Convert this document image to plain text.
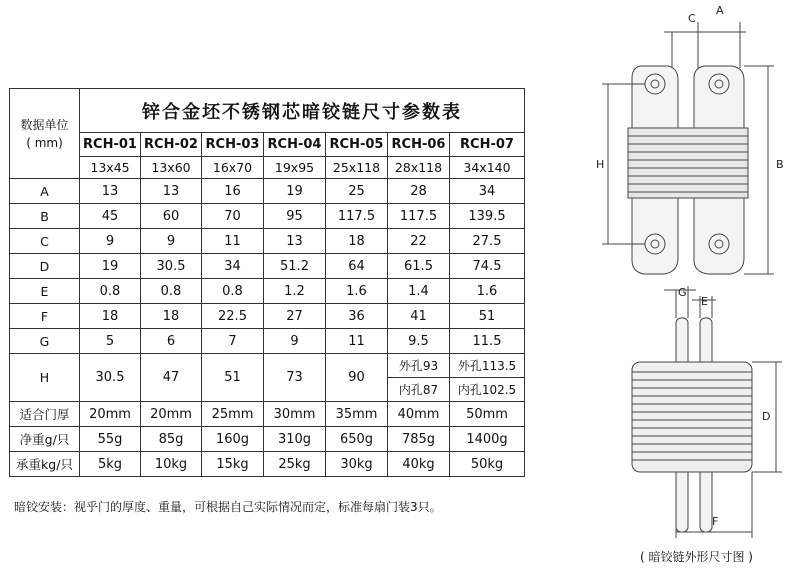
数据单位
( mm)	锌合金坯不锈钢芯暗铰链尺寸参数表						
	RCH-01	RCH-02	RCH-03	RCH-04	RCH-05	RCH-06	RCH-07
	13x45	13x60	16x70	19x95	25x118	28x118	34x140
A	13	13	16	19	25	28	34
B	45	60	70	95	117.5	117.5	139.5
C	9	9	11	13	18	22	27.5
D	19	30.5	34	51.2	64	61.5	74.5
E	0.8	0.8	0.8	1.2	1.6	1.4	1.6
F	18	18	22.5	27	36	41	51
G	5	6	7	9	11	9.5	11.5
H	30.5	47	51	73	90	外孔93	外孔113.5
						内孔87	内孔102.5
适合门厚	20mm	20mm	25mm	30mm	35mm	40mm	50mm
净重g/只	55g	85g	160g	310g	650g	785g	1400g
承重kg/只	5kg	10kg	15kg	25kg	30kg	40kg	50kg
暗铰安装：视乎门的厚度、重量，可根据自己实际情况而定，标准每扇门装3只。
C
A
H	B
G
E
D
F
( 暗铰链外形尺寸图 )
